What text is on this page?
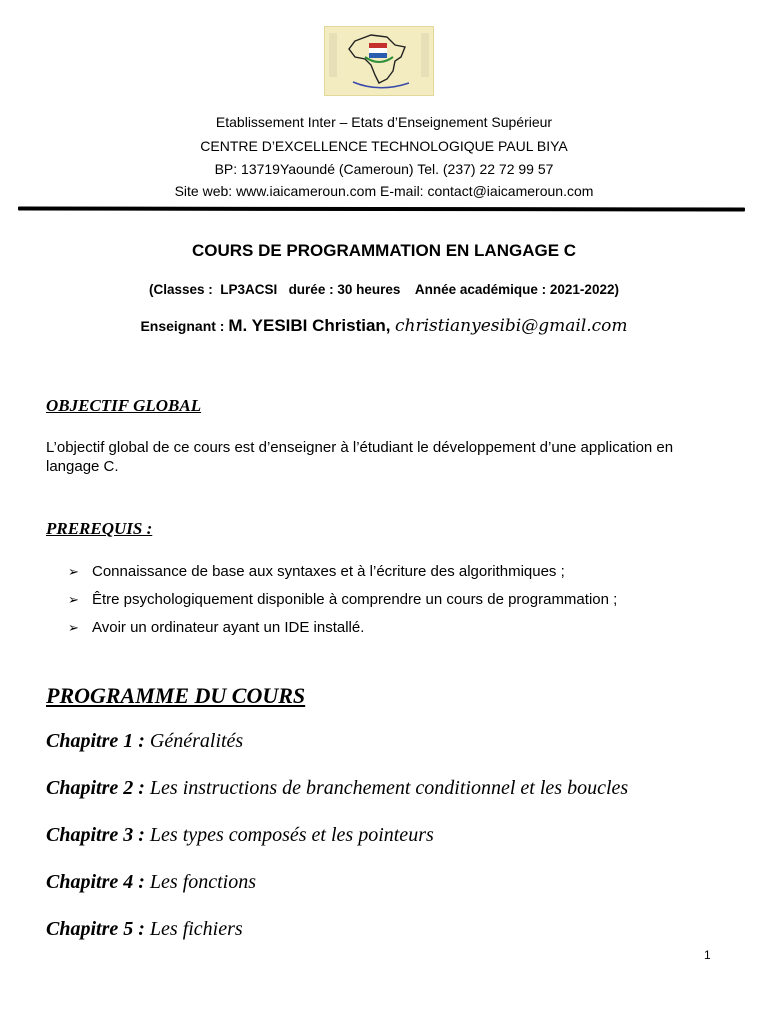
Etablissement Inter – Etats d’Enseignement Supérieur
CENTRE D’EXCELLENCE TECHNOLOGIQUE PAUL BIYA
BP: 13719Yaoundé (Cameroun) Tel. (237) 22 72 99 57
Site web: www.iaicameroun.com E-mail: contact@iaicameroun.com
COURS DE PROGRAMMATION EN LANGAGE C
(Classes :  LP3ACSI   durée : 30 heures    Année académique : 2021-2022)
Enseignant : M. YESIBI Christian, christianyesibi@gmail.com
OBJECTIF GLOBAL
L’objectif global de ce cours est d’enseigner à l’étudiant le développement d’une application en langage C.
PREREQUIS :
➢ Connaissance de base aux syntaxes et à l’écriture des algorithmiques ;
➢ Être psychologiquement disponible à comprendre un cours de programmation ;
➢ Avoir un ordinateur ayant un IDE installé.
PROGRAMME DU COURS
Chapitre 1 : Généralités
Chapitre 2 : Les instructions de branchement conditionnel et les boucles
Chapitre 3 : Les types composés et les pointeurs
Chapitre 4 : Les fonctions
Chapitre 5 : Les fichiers
1
